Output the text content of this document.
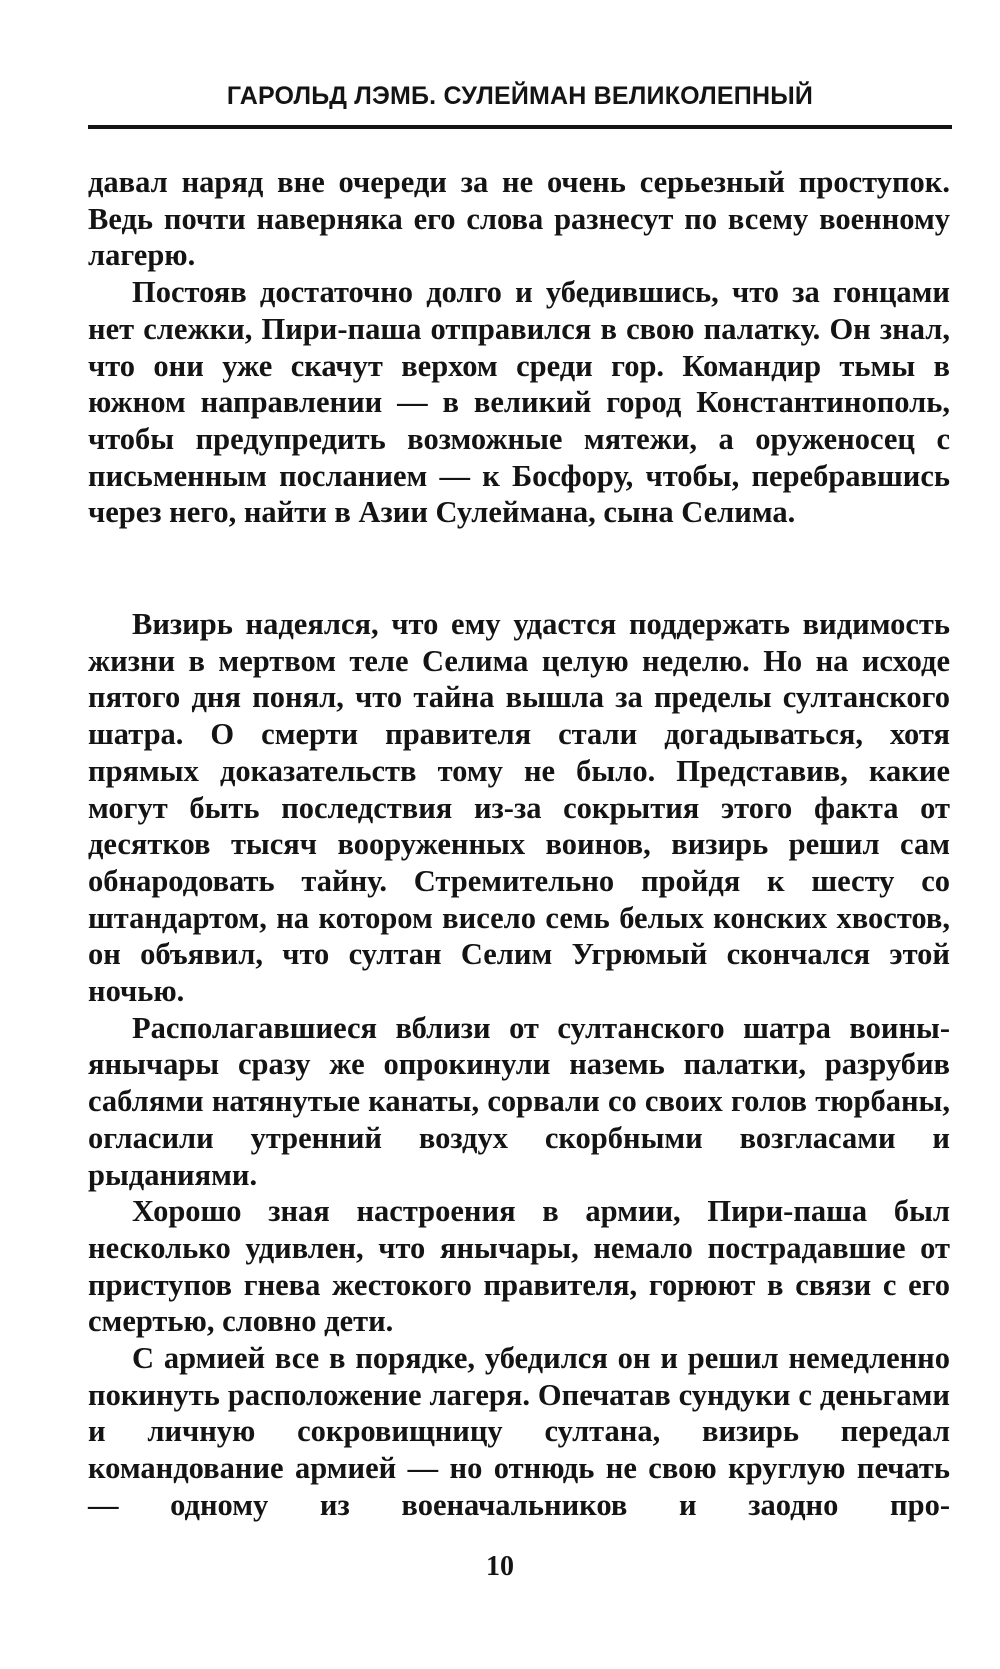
ГАРОЛЬД ЛЭМБ. СУЛЕЙМАН ВЕЛИКОЛЕПНЫЙ

давал наряд вне очереди за не очень серьезный проступок. Ведь почти наверняка его слова разнесут по всему военному лагерю.

Постояв достаточно долго и убедившись, что за гонцами нет слежки, Пири-паша отправился в свою палатку. Он знал, что они уже скачут верхом среди гор. Командир тьмы в южном направлении — в великий город Константинополь, чтобы предупредить возможные мятежи, а оруженосец с письменным посланием — к Босфору, чтобы, перебравшись через него, найти в Азии Сулеймана, сына Селима.

Визирь надеялся, что ему удастся поддержать видимость жизни в мертвом теле Селима целую неделю. Но на исходе пятого дня понял, что тайна вышла за пределы султанского шатра. О смерти правителя стали догадываться, хотя прямых доказательств тому не было. Представив, какие могут быть последствия из-за сокрытия этого факта от десятков тысяч вооруженных воинов, визирь решил сам обнародовать тайну. Стремительно пройдя к шесту со штандартом, на котором висело семь белых конских хвостов, он объявил, что султан Селим Угрюмый скончался этой ночью.

Располагавшиеся вблизи от султанского шатра воины-янычары сразу же опрокинули наземь палатки, разрубив саблями натянутые канаты, сорвали со своих голов тюрбаны, огласили утренний воздух скорбными возгласами и рыданиями.

Хорошо зная настроения в армии, Пири-паша был несколько удивлен, что янычары, немало пострадавшие от приступов гнева жестокого правителя, горюют в связи с его смертью, словно дети.

С армией все в порядке, убедился он и решил немедленно покинуть расположение лагеря. Опечатав сундуки с деньгами и личную сокровищницу султана, визирь передал командование армией — но отнюдь не свою круглую печать — одному из военачальников и заодно про-

10
